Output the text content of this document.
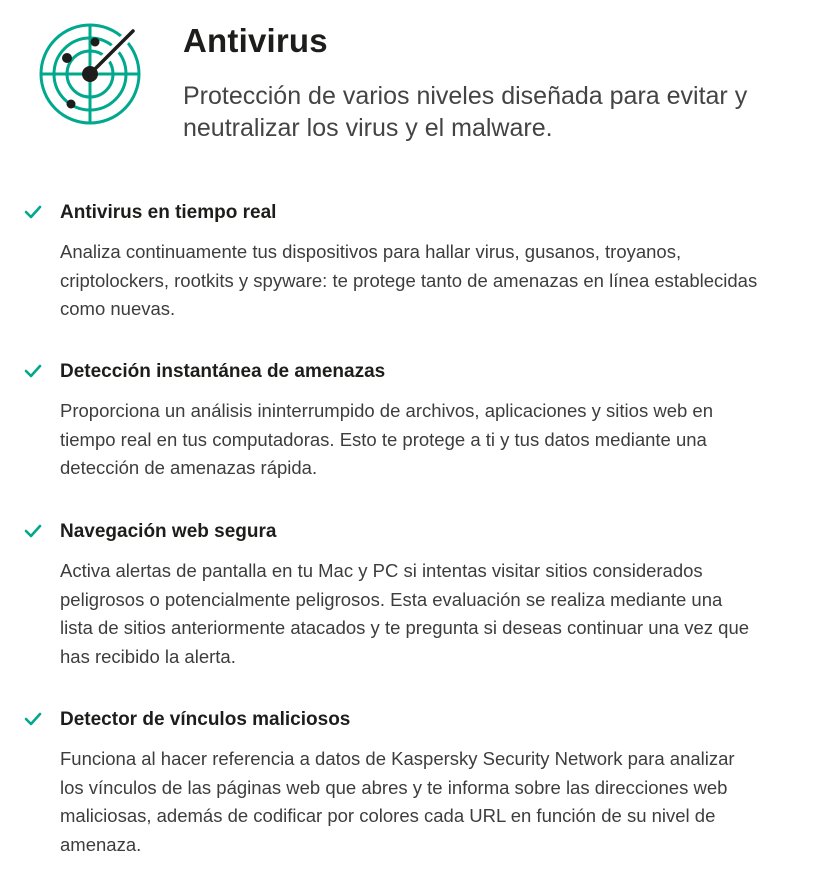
Antivirus

Protección de varios niveles diseñada para evitar y neutralizar los virus y el malware.

Antivirus en tiempo real

Analiza continuamente tus dispositivos para hallar virus, gusanos, troyanos, criptolockers, rootkits y spyware: te protege tanto de amenazas en línea establecidas como nuevas.

Detección instantánea de amenazas

Proporciona un análisis ininterrumpido de archivos, aplicaciones y sitios web en tiempo real en tus computadoras. Esto te protege a ti y tus datos mediante una detección de amenazas rápida.

Navegación web segura

Activa alertas de pantalla en tu Mac y PC si intentas visitar sitios considerados peligrosos o potencialmente peligrosos. Esta evaluación se realiza mediante una lista de sitios anteriormente atacados y te pregunta si deseas continuar una vez que has recibido la alerta.

Detector de vínculos maliciosos

Funciona al hacer referencia a datos de Kaspersky Security Network para analizar los vínculos de las páginas web que abres y te informa sobre las direcciones web maliciosas, además de codificar por colores cada URL en función de su nivel de amenaza.
